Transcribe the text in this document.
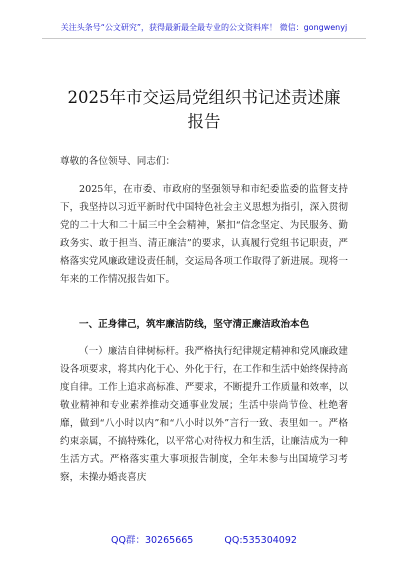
关注头条号“公文研究”，获得最新最全最专业的公文资料库！ 微信：gongwenyj
2025年市交运局党组织书记述责述廉
报告

尊敬的各位领导、同志们：

2025年，在市委、市政府的坚强领导和市纪委监委的监督支持下，我坚持以习近平新时代中国特色社会主义思想为指引，深入贯彻党的二十大和二十届三中全会精神，紧扣“信念坚定、为民服务、勤政务实、敢于担当、清正廉洁”的要求，认真履行党组书记职责，严格落实党风廉政建设责任制，交运局各项工作取得了新进展。现将一年来的工作情况报告如下。

一、正身律己，筑牢廉洁防线，坚守清正廉洁政治本色

（一）廉洁自律树标杆。我严格执行纪律规定精神和党风廉政建设各项要求，将其内化于心、外化于行，在工作和生活中始终保持高度自律。工作上追求高标准、严要求，不断提升工作质量和效率，以敬业精神和专业素养推动交通事业发展；生活中崇尚节俭、杜绝奢靡，做到“八小时以内”和“八小时以外”言行一致、表里如一。严格约束亲属，不搞特殊化，以平常心对待权力和生活，让廉洁成为一种生活方式。严格落实重大事项报告制度，全年未参与出国境学习考察，未操办婚丧喜庆

QQ群：30265665	QQ:535304092
